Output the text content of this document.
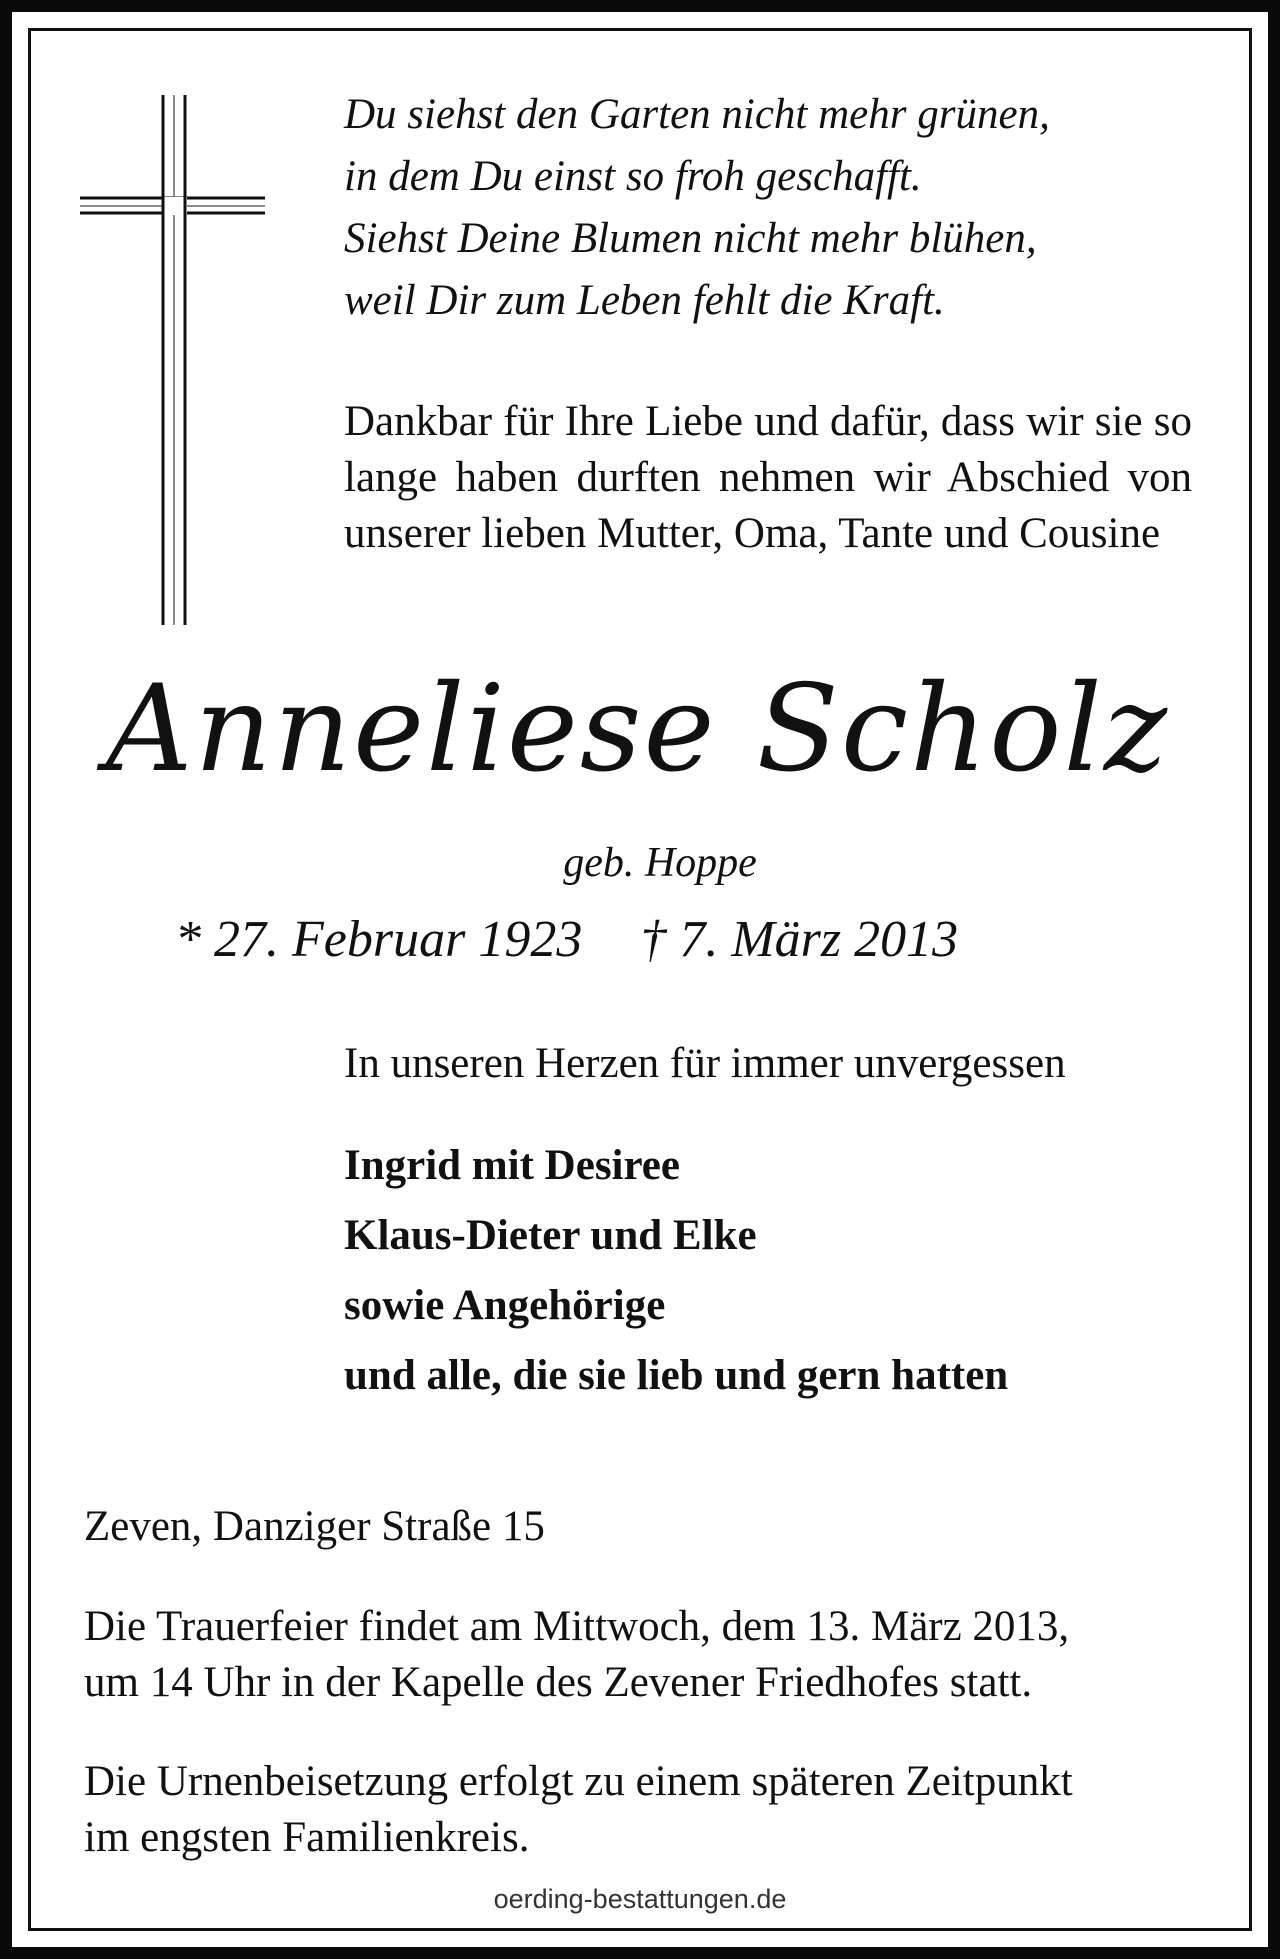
Du siehst den Garten nicht mehr grünen,
in dem Du einst so froh geschafft.
Siehst Deine Blumen nicht mehr blühen,
weil Dir zum Leben fehlt die Kraft.
Dankbar für Ihre Liebe und dafür, dass wir sie so lange haben durften nehmen wir Abschied von unserer lieben Mutter, Oma, Tante und Cousine
Anneliese Scholz
geb. Hoppe
* 27. Februar 1923 † 7. März 2013
In unseren Herzen für immer unvergessen
Ingrid mit Desiree
Klaus-Dieter und Elke
sowie Angehörige
und alle, die sie lieb und gern hatten
Zeven, Danziger Straße 15
Die Trauerfeier findet am Mittwoch, dem 13. März 2013,
um 14 Uhr in der Kapelle des Zevener Friedhofes statt.
Die Urnenbeisetzung erfolgt zu einem späteren Zeitpunkt
im engsten Familienkreis.
oerding-bestattungen.de
